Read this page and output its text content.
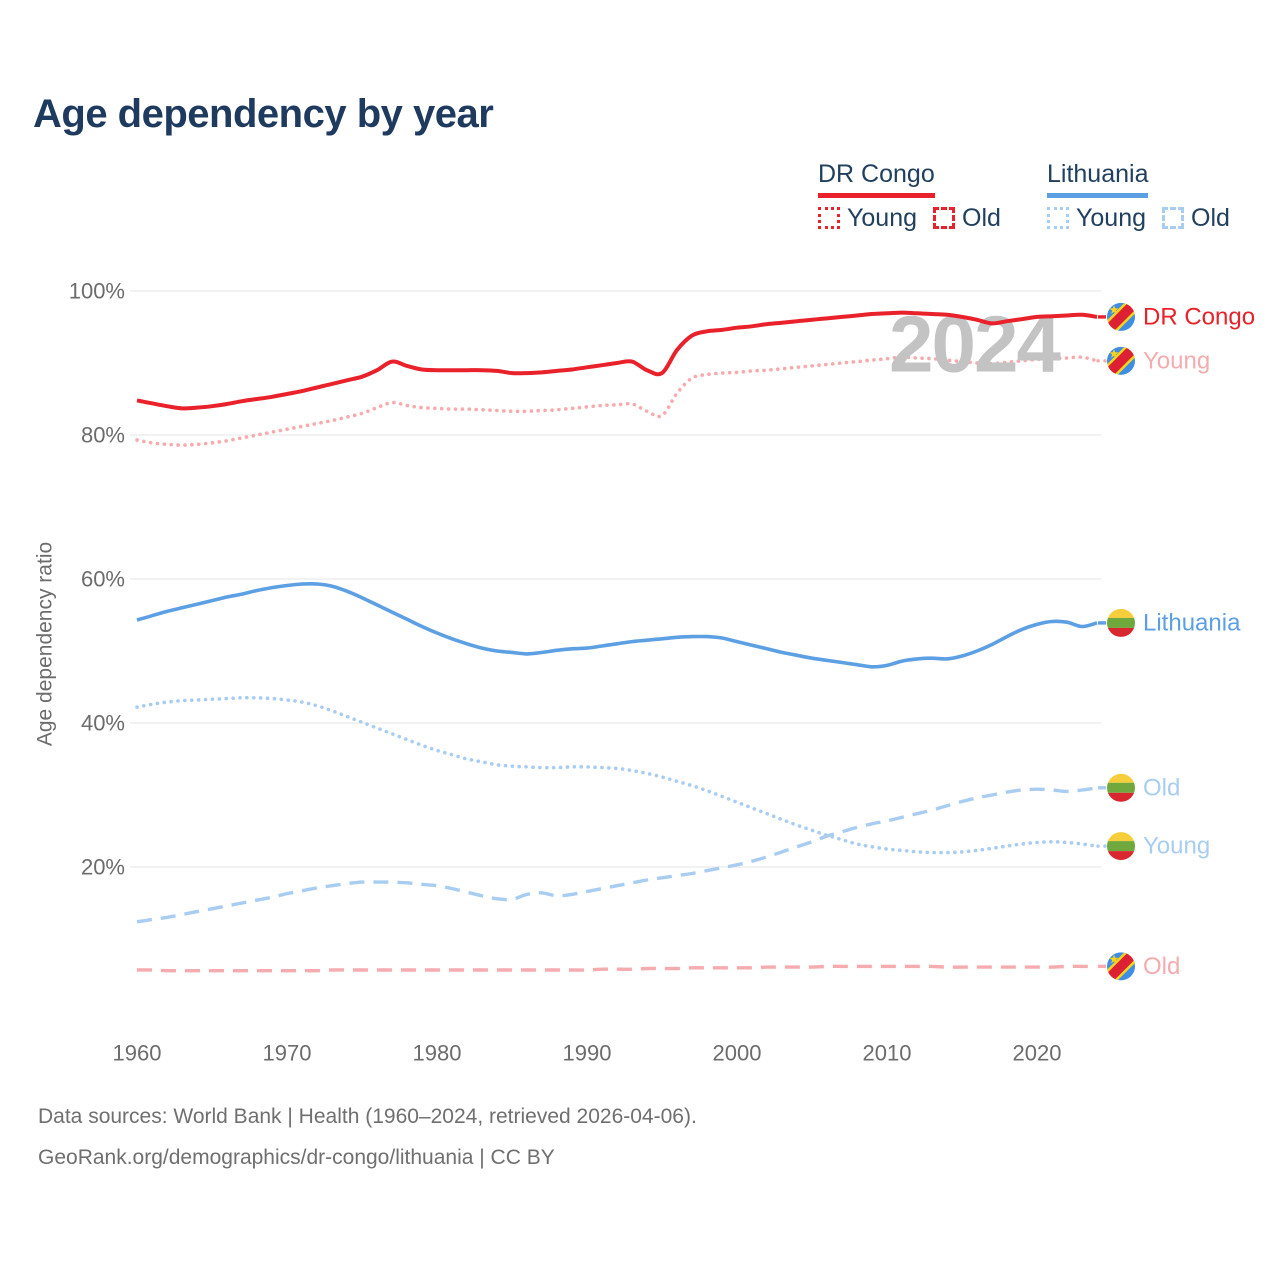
20%
40%
60%
80%
100%
1960	1970	1980	1990	2000	2010	2020
Age dependency ratio
2024	DR Congo
Young
Old
Lithuania
Young
Old
Age dependency by year
DR Congo
Young Old
Lithuania
Young Old
Data sources: World Bank | Health (1960–2024, retrieved 2026-04-06).
GeoRank.org/demographics/dr-congo/lithuania | CC BY
